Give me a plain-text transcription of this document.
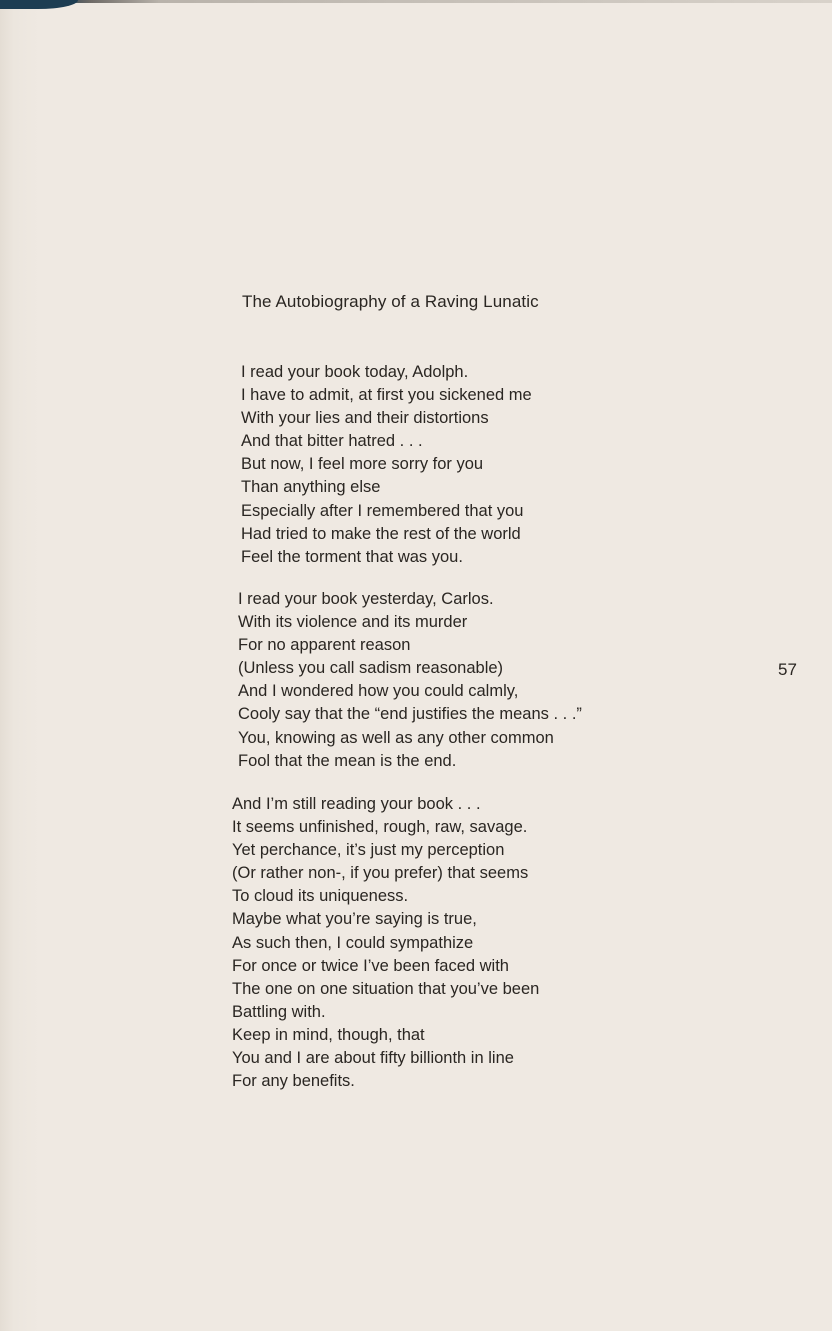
The Autobiography of a Raving Lunatic
I read your book today, Adolph.
I have to admit, at first you sickened me
With your lies and their distortions
And that bitter hatred . . .
But now, I feel more sorry for you
Than anything else
Especially after I remembered that you
Had tried to make the rest of the world
Feel the torment that was you.
I read your book yesterday, Carlos.
With its violence and its murder
For no apparent reason
(Unless you call sadism reasonable)
And I wondered how you could calmly,
Cooly say that the “end justifies the means . . .”
You, knowing as well as any other common
Fool that the mean is the end.
And I’m still reading your book . . .
It seems unfinished, rough, raw, savage.
Yet perchance, it’s just my perception
(Or rather non-, if you prefer) that seems
To cloud its uniqueness.
Maybe what you’re saying is true,
As such then, I could sympathize
For once or twice I’ve been faced with
The one on one situation that you’ve been
Battling with.
Keep in mind, though, that
You and I are about fifty billionth in line
For any benefits.
57
